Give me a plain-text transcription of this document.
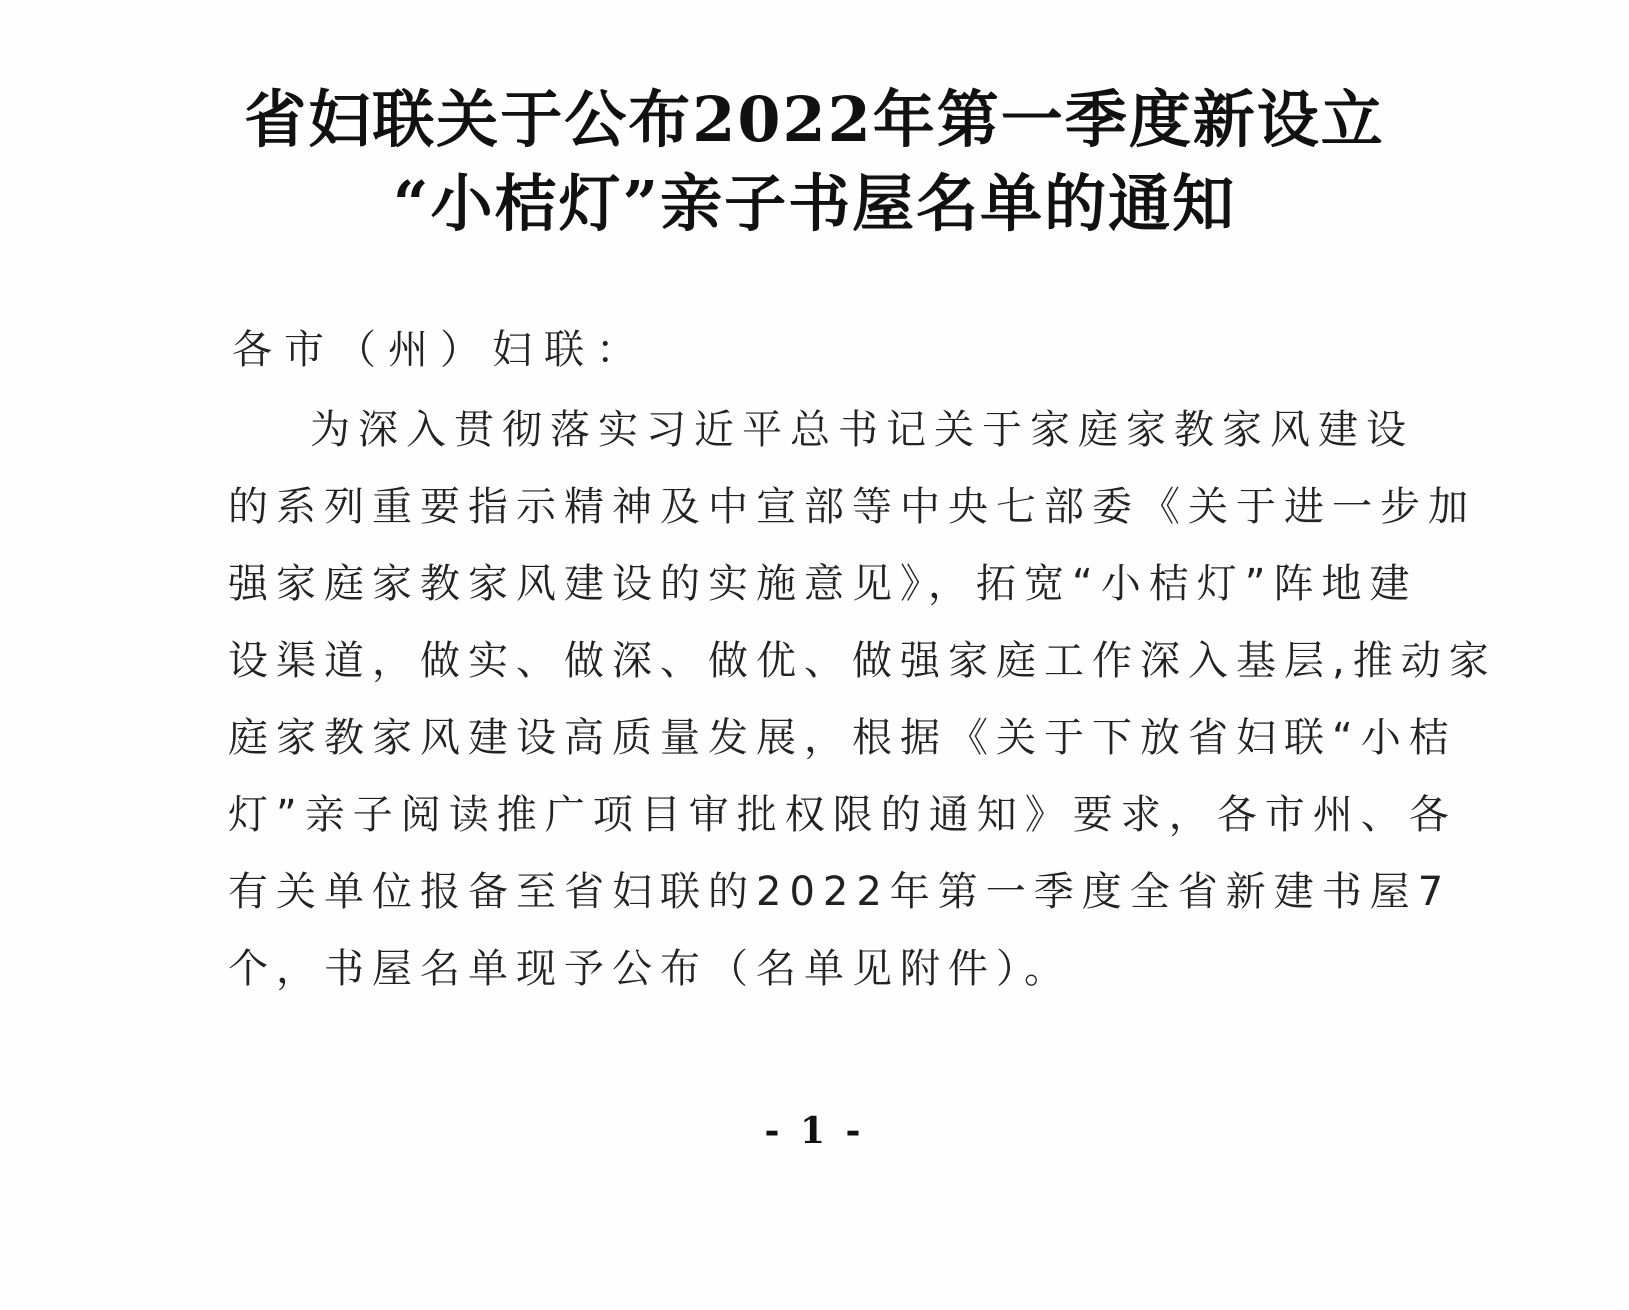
省妇联关于公布2022年第一季度新设立
“小桔灯”亲子书屋名单的通知
各市（州）妇联：
为深入贯彻落实习近平总书记关于家庭家教家风建设
的系列重要指示精神及中宣部等中央七部委《关于进一步加
强家庭家教家风建设的实施意见》，拓宽“小桔灯”阵地建
设渠道，做实、做深、做优、做强家庭工作深入基层,推动家
庭家教家风建设高质量发展，根据《关于下放省妇联“小桔
灯”亲子阅读推广项目审批权限的通知》要求，各市州、各
有关单位报备至省妇联的2022年第一季度全省新建书屋7
个，书屋名单现予公布（名单见附件）。
- 1 -
